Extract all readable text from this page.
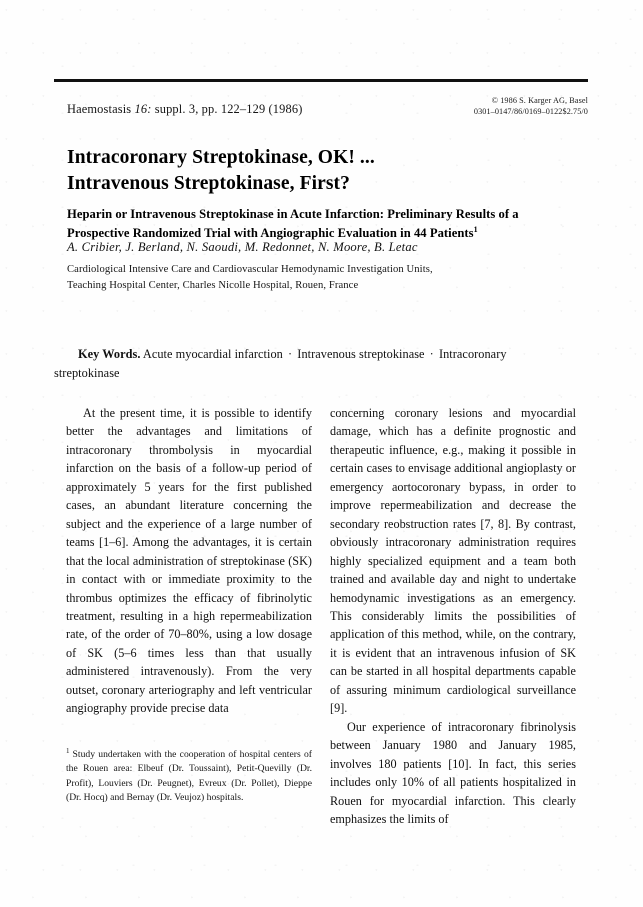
Haemostasis 16: suppl. 3, pp. 122–129 (1986)
© 1986 S. Karger AG, Basel
0301–0147/86/0169–0122$2.75/0
Intracoronary Streptokinase, OK! ...
Intravenous Streptokinase, First?
Heparin or Intravenous Streptokinase in Acute Infarction: Preliminary Results of a Prospective Randomized Trial with Angiographic Evaluation in 44 Patients$^1$
A. Cribier, J. Berland, N. Saoudi, M. Redonnet, N. Moore, B. Letac
Cardiological Intensive Care and Cardiovascular Hemodynamic Investigation Units,
Teaching Hospital Center, Charles Nicolle Hospital, Rouen, France
Key Words. Acute myocardial infarction · Intravenous streptokinase · Intracoronary streptokinase

At the present time, it is possible to identify better the advantages and limitations of intracoronary thrombolysis in myocardial infarction on the basis of a follow-up period of approximately 5 years for the first published cases, an abundant literature concerning the subject and the experience of a large number of teams [1–6]. Among the advantages, it is certain that the local administration of streptokinase (SK) in contact with or immediate proximity to the thrombus optimizes the efficacy of fibrinolytic treatment, resulting in a high repermeabilization rate, of the order of 70–80%, using a low dosage of SK (5–6 times less than that usually administered intravenously). From the very outset, coronary arteriography and left ventricular angiography provide precise data

concerning coronary lesions and myocardial damage, which has a definite prognostic and therapeutic influence, e.g., making it possible in certain cases to envisage additional angioplasty or emergency aortocoronary bypass, in order to improve repermeabilization and decrease the secondary reobstruction rates [7, 8]. By contrast, obviously intracoronary administration requires highly specialized equipment and a team both trained and available day and night to undertake hemodynamic investigations as an emergency. This considerably limits the possibilities of application of this method, while, on the contrary, it is evident that an intravenous infusion of SK can be started in all hospital departments capable of assuring minimum cardiological surveillance [9].

Our experience of intracoronary fibrinolysis between January 1980 and January 1985, involves 180 patients [10]. In fact, this series includes only 10% of all patients hospitalized in Rouen for myocardial infarction. This clearly emphasizes the limits of

$^1$ Study undertaken with the cooperation of hospital centers of the Rouen area: Elbeuf (Dr. Toussaint), Petit-Quevilly (Dr. Profit), Louviers (Dr. Peugnet), Evreux (Dr. Pollet), Dieppe (Dr. Hocq) and Bernay (Dr. Veujoz) hospitals.
